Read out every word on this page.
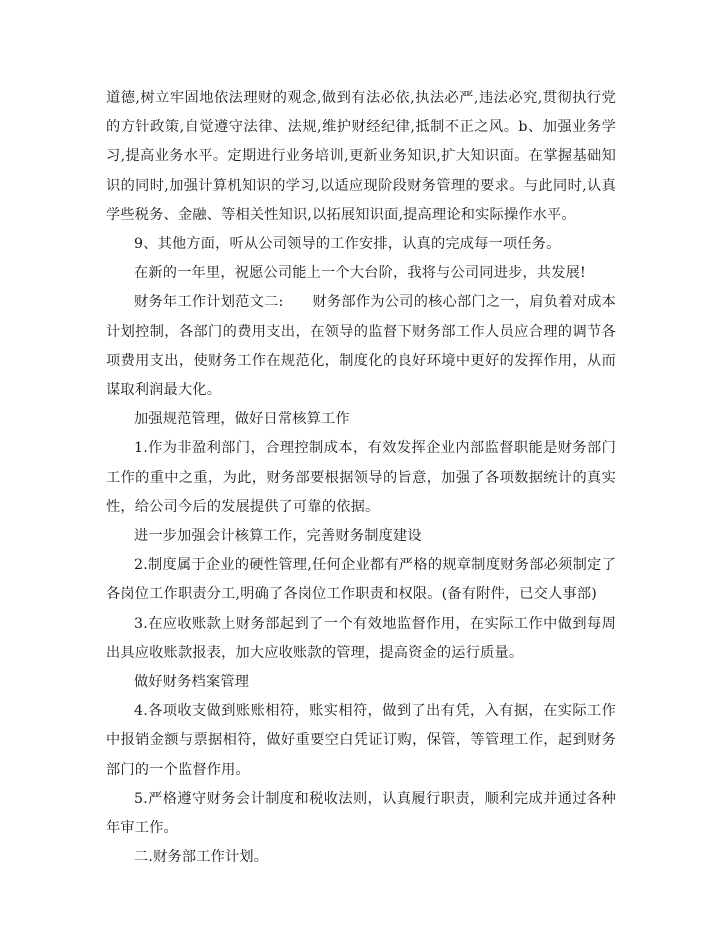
道德,树立牢固地依法理财的观念,做到有法必依,执法必严,违法必究,贯彻执行党的方针政策,自觉遵守法律、法规,维护财经纪律,抵制不正之风。b、加强业务学习,提高业务水平。定期进行业务培训,更新业务知识,扩大知识面。在掌握基础知识的同时,加强计算机知识的学习,以适应现阶段财务管理的要求。与此同时,认真学些税务、金融、等相关性知识,以拓展知识面,提高理论和实际操作水平。

9、其他方面，听从公司领导的工作安排，认真的完成每一项任务。

在新的一年里，祝愿公司能上一个大台阶，我将与公司同进步，共发展!

财务年工作计划范文二:　　财务部作为公司的核心部门之一，肩负着对成本计划控制，各部门的费用支出，在领导的监督下财务部工作人员应合理的调节各项费用支出，使财务工作在规范化，制度化的良好环境中更好的发挥作用，从而谋取利润最大化。

加强规范管理，做好日常核算工作

1.作为非盈利部门，合理控制成本，有效发挥企业内部监督职能是财务部门工作的重中之重，为此，财务部要根据领导的旨意，加强了各项数据统计的真实性，给公司今后的发展提供了可靠的依据。

进一步加强会计核算工作，完善财务制度建设

2.制度属于企业的硬性管理,任何企业都有严格的规章制度财务部必须制定了各岗位工作职责分工,明确了各岗位工作职责和权限。(备有附件，已交人事部)

3.在应收账款上财务部起到了一个有效地监督作用，在实际工作中做到每周出具应收账款报表，加大应收账款的管理，提高资金的运行质量。

做好财务档案管理

4.各项收支做到账账相符，账实相符，做到了出有凭，入有据，在实际工作中报销金额与票据相符，做好重要空白凭证订购，保管，等管理工作，起到财务部门的一个监督作用。

5.严格遵守财务会计制度和税收法则，认真履行职责，顺利完成并通过各种年审工作。

二.财务部工作计划。
